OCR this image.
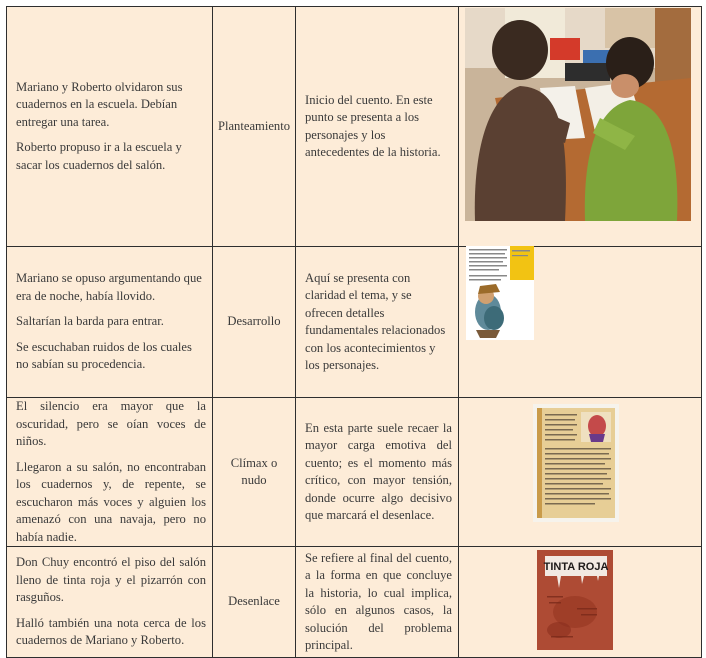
Mariano y Roberto olvidaron sus cuadernos en la escuela. Debían entregar una tarea.

Roberto propuso ir a la escuela y sacar los cuadernos del salón.	Planteamiento	Inicio del cuento. En este punto se presenta a los personajes y los antecedentes de la historia.

Mariano se opuso argumentando que era de noche, había llovido.

Saltarían la barda para entrar.

Se escuchaban ruidos de los cuales no sabían su procedencia.	Desarrollo	Aquí se presenta con claridad el tema, y se ofrecen detalles fundamentales relacionados con los acontecimientos y los personajes.

El silencio era mayor que la oscuridad, pero se oían voces de niños.

Llegaron a su salón, no encontraban los cuadernos y, de repente, se escucharon más voces y alguien los amenazó con una navaja, pero no había nadie.	Clímax o nudo	En esta parte suele recaer la mayor carga emotiva del cuento; es el momento más crítico, con mayor tensión, donde ocurre algo decisivo que marcará el desenlace.

Don Chuy encontró el piso del salón lleno de tinta roja y el pizarrón con rasguños.

Halló también una nota cerca de los cuadernos de Mariano y Roberto.	Desenlace	Se refiere al final del cuento, a la forma en que concluye la historia, lo cual implica, sólo en algunos casos, la solución del problema principal.	TINTA ROJA
